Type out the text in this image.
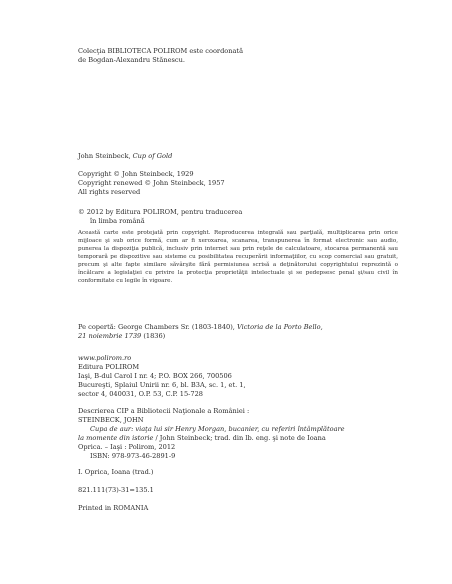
Colecţia BIBLIOTECA POLIROM este coordonată
de Bogdan-Alexandru Stănescu.
John Steinbeck, Cup of Gold
Copyright © John Steinbeck, 1929
Copyright renewed © John Steinbeck, 1957
All rights reserved
© 2012 by Editura POLIROM, pentru traducerea
în limba română

Această carte este protejată prin copyright. Reproducerea integrală sau parţială, multiplicarea prin orice mijloace şi sub orice formă, cum ar fi xeroxarea, scanarea, transpunerea în format electronic sau audio, punerea la dispoziţia publică, inclusiv prin internet sau prin reţele de calculatoare, stocarea permanentă sau temporară pe dispozitive sau sisteme cu posibilitatea recuperării informaţiilor, cu scop comercial sau gratuit, precum şi alte fapte similare săvârşite fără permisiunea scrisă a deţinătorului copyrightului reprezintă o încălcare a legislaţiei cu privire la protecţia proprietăţii intelectuale şi se pedepsesc penal şi/sau civil în conformitate cu legile în vigoare.

Pe copertă: George Chambers Sr. (1803-1840), Victoria de la Porto Bello,
21 noiembrie 1739 (1836)
www.polirom.ro
Editura POLIROM
Iaşi, B-dul Carol I nr. 4; P.O. BOX 266, 700506
Bucureşti, Splaiul Unirii nr. 6, bl. B3A, sc. 1, et. 1,
sector 4, 040031, O.P. 53, C.P. 15-728
Descrierea CIP a Bibliotecii Naţionale a României :
STEINBECK, JOHN
Cupa de aur: viaţa lui sir Henry Morgan, bucanier, cu referiri întâmplătoare
la momente din istorie / John Steinbeck; trad. din lb. eng. şi note de Ioana
Oprica. – Iaşi : Polirom, 2012
ISBN: 978-973-46-2891-9
I. Oprica, Ioana (trad.)
821.111(73)-31=135.1
Printed in ROMANIA
